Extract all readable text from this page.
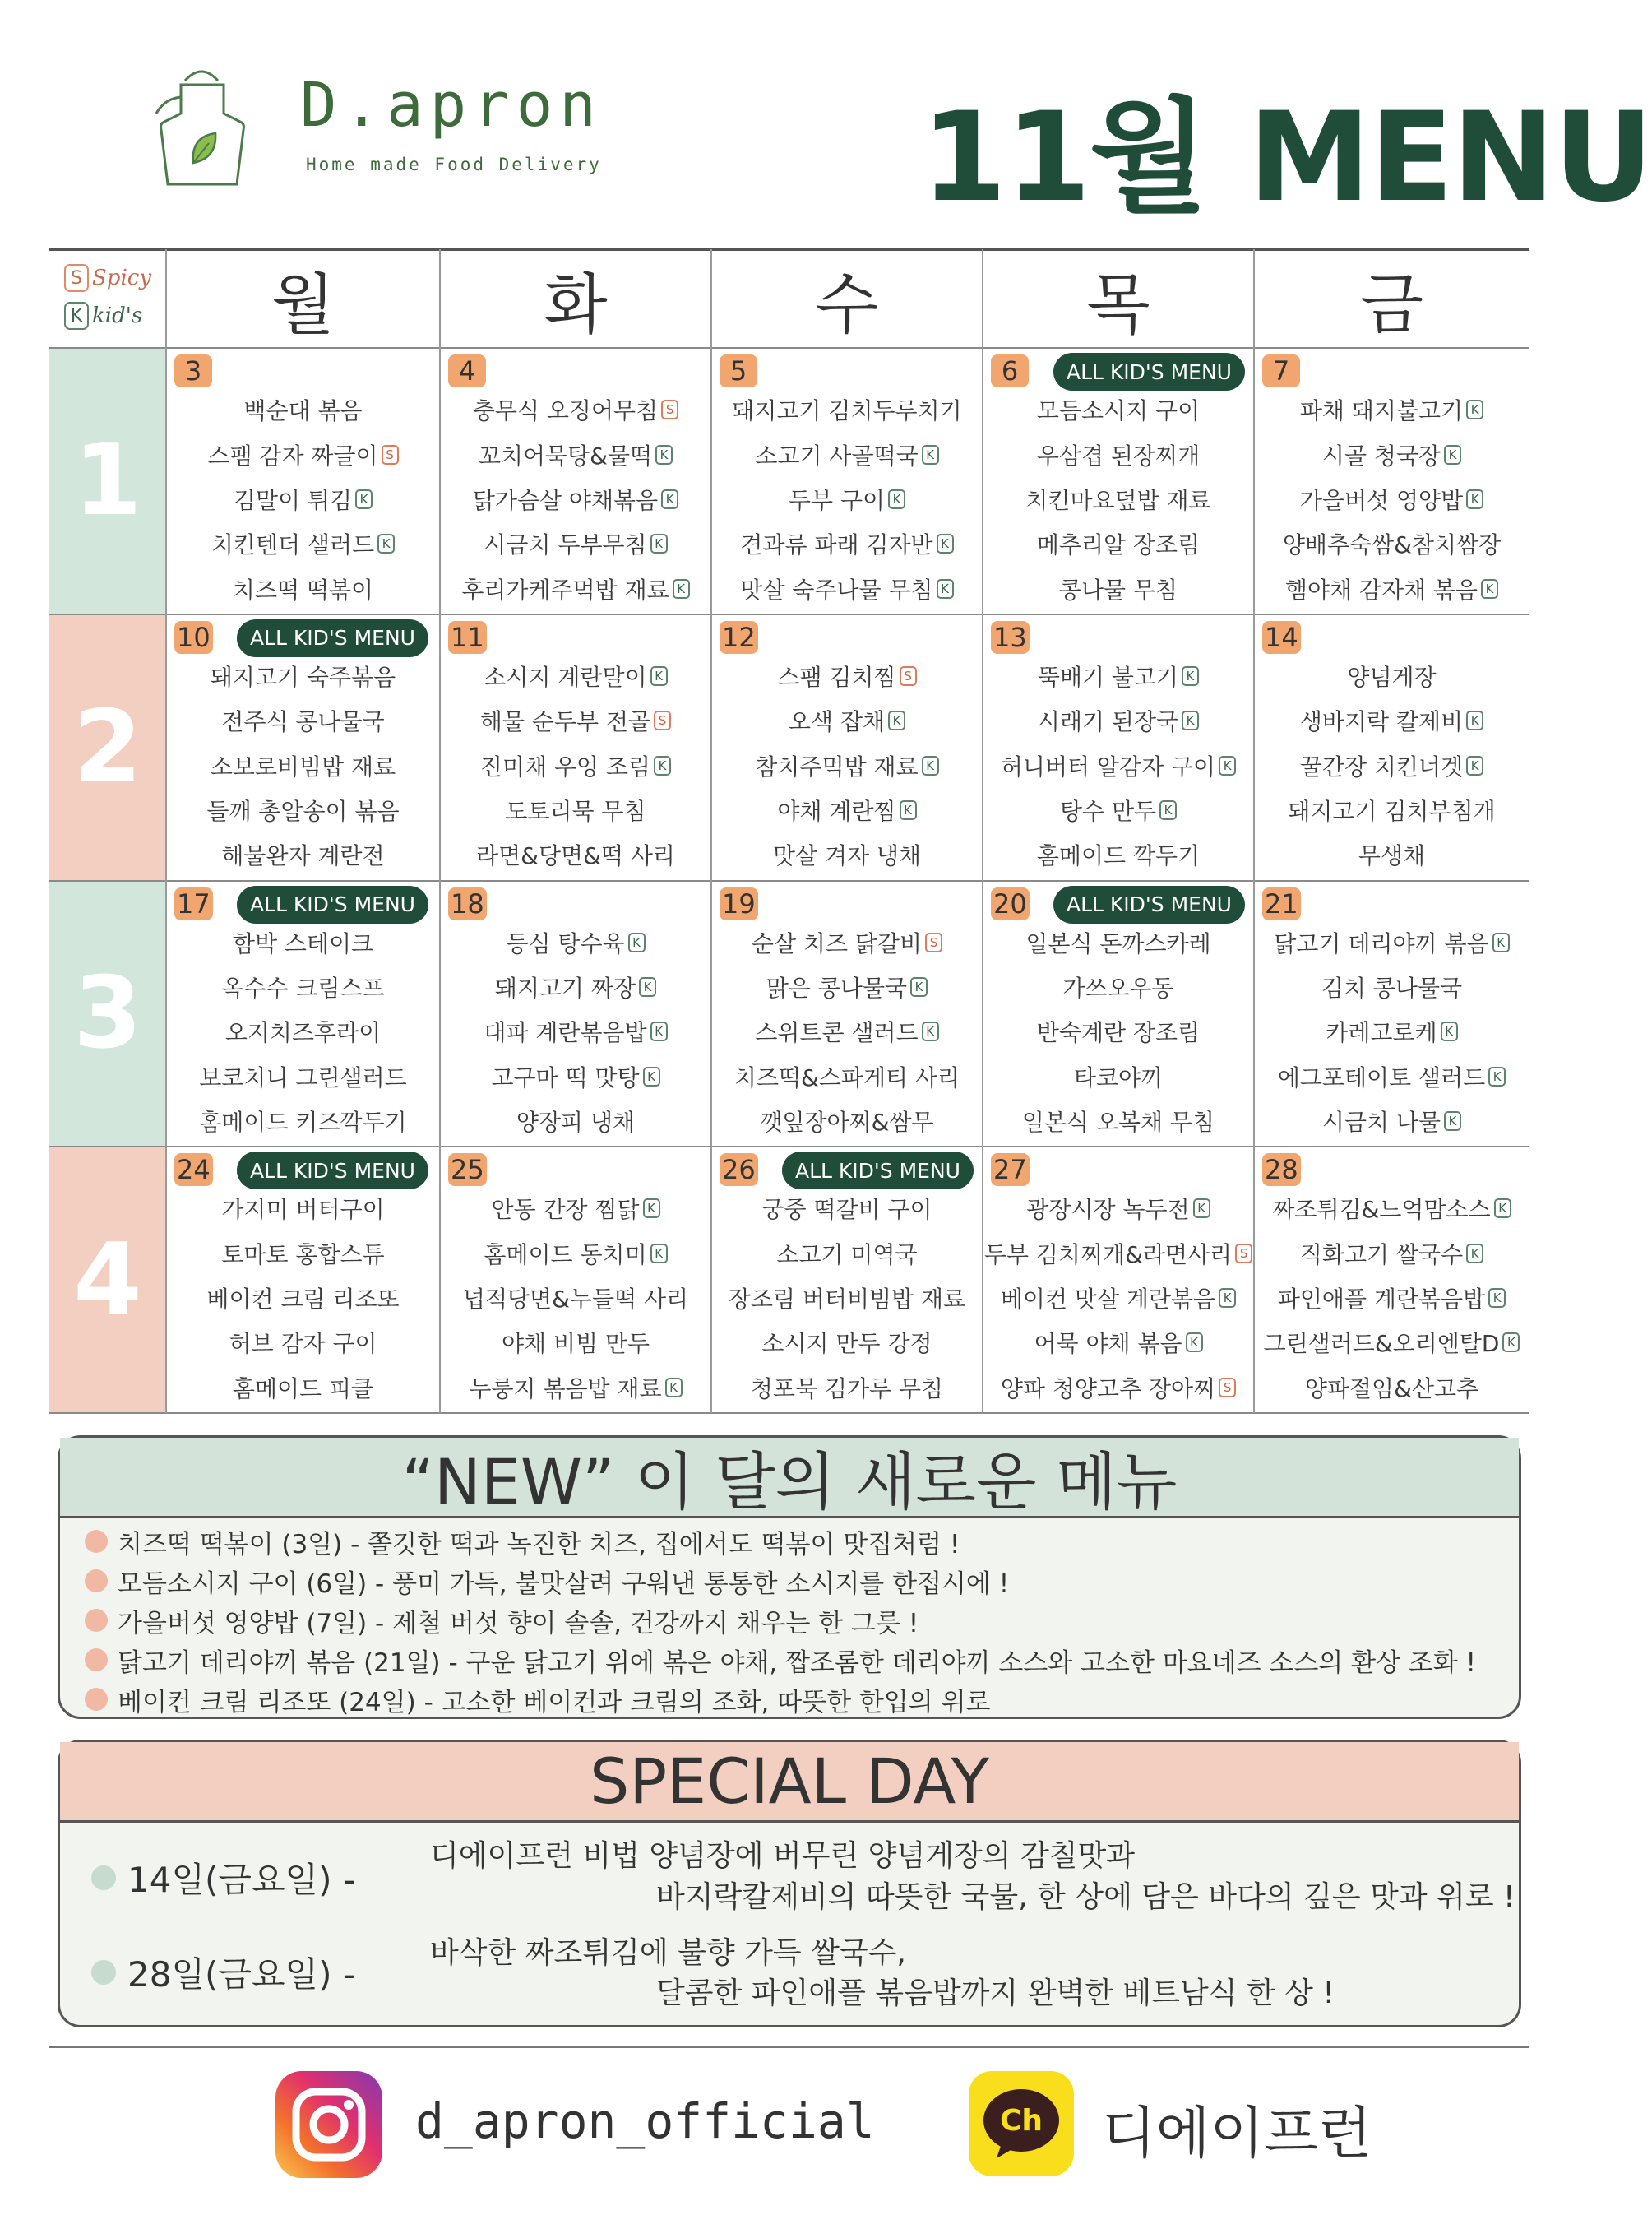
D.apron
Home made Food Delivery	11월 MENU
S Spicy
K kid's	월	화	수	목	금
1
3
백순대 볶음
스팸 감자 짜글이 S
김말이 튀김 K
치킨텐더 샐러드 K
치즈떡 떡볶이
4
충무식 오징어무침 S
꼬치어묵탕&물떡 K
닭가슴살 야채볶음 K
시금치 두부무침 K
후리가케주먹밥 재료 K
5
돼지고기 김치두루치기
소고기 사골떡국 K
두부 구이 K
견과류 파래 김자반 K
맛살 숙주나물 무침 K
6	ALL KID'S MENU
모듬소시지 구이
우삼겹 된장찌개
치킨마요덮밥 재료
메추리알 장조림
콩나물 무침
7
파채 돼지불고기 K
시골 청국장 K
가을버섯 영양밥 K
양배추숙쌈&참치쌈장
햄야채 감자채 볶음 K
2
10	ALL KID'S MENU
돼지고기 숙주볶음
전주식 콩나물국
소보로비빔밥 재료
들깨 총알송이 볶음
해물완자 계란전
11
소시지 계란말이 K
해물 순두부 전골 S
진미채 우엉 조림 K
도토리묵 무침
라면&당면&떡 사리
12
스팸 김치찜 S
오색 잡채 K
참치주먹밥 재료 K
야채 계란찜 K
맛살 겨자 냉채
13
뚝배기 불고기 K
시래기 된장국 K
허니버터 알감자 구이 K
탕수 만두 K
홈메이드 깍두기
14
양념게장
생바지락 칼제비 K
꿀간장 치킨너겟 K
돼지고기 김치부침개
무생채
3
17	ALL KID'S MENU
함박 스테이크
옥수수 크림스프
오지치즈후라이
보코치니 그린샐러드
홈메이드 키즈깍두기
18
등심 탕수육 K
돼지고기 짜장 K
대파 계란볶음밥 K
고구마 떡 맛탕 K
양장피 냉채
19
순살 치즈 닭갈비 S
맑은 콩나물국 K
스위트콘 샐러드 K
치즈떡&스파게티 사리
깻잎장아찌&쌈무
20	ALL KID'S MENU
일본식 돈까스카레
가쓰오우동
반숙계란 장조림
타코야끼
일본식 오복채 무침
21
닭고기 데리야끼 볶음 K
김치 콩나물국
카레고로케 K
에그포테이토 샐러드 K
시금치 나물 K
4
24	ALL KID'S MENU
가지미 버터구이
토마토 홍합스튜
베이컨 크림 리조또
허브 감자 구이
홈메이드 피클
25
안동 간장 찜닭 K
홈메이드 동치미 K
넙적당면&누들떡 사리
야채 비빔 만두
누룽지 볶음밥 재료 K
26	ALL KID'S MENU
궁중 떡갈비 구이
소고기 미역국
장조림 버터비빔밥 재료
소시지 만두 강정
청포묵 김가루 무침
27
광장시장 녹두전 K
두부 김치찌개&라면사리 S
베이컨 맛살 계란볶음 K
어묵 야채 볶음 K
양파 청양고추 장아찌 S
28
짜조튀김&느억맘소스 K
직화고기 쌀국수 K
파인애플 계란볶음밥 K
그린샐러드&오리엔탈D K
양파절임&산고추
“NEW” 이 달의 새로운 메뉴
치즈떡 떡볶이 (3일) - 쫄깃한 떡과 녹진한 치즈, 집에서도 떡볶이 맛집처럼 !
모듬소시지 구이 (6일) - 풍미 가득, 불맛살려 구워낸 통통한 소시지를 한접시에 !
가을버섯 영양밥 (7일) - 제철 버섯 향이 솔솔, 건강까지 채우는 한 그릇 !
닭고기 데리야끼 볶음 (21일) - 구운 닭고기 위에 볶은 야채, 짭조롬한 데리야끼 소스와 고소한 마요네즈 소스의 환상 조화 !
베이컨 크림 리조또 (24일) - 고소한 베이컨과 크림의 조화, 따뜻한 한입의 위로
SPECIAL DAY
14일(금요일) -
디에이프런 비법 양념장에 버무린 양념게장의 감칠맛과
바지락칼제비의 따뜻한 국물, 한 상에 담은 바다의 깊은 맛과 위로 !
28일(금요일) -
바삭한 짜조튀김에 불향 가득 쌀국수,
달콤한 파인애플 볶음밥까지 완벽한 베트남식 한 상 !
d_apron_official	Ch 디에이프런
